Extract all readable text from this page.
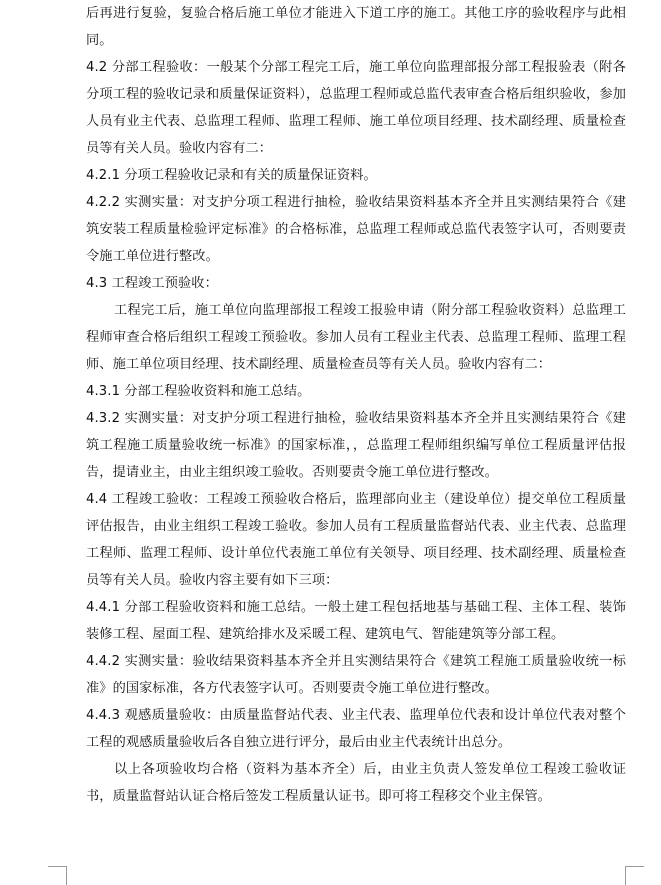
后再进行复验，复验合格后施工单位才能进入下道工序的施工。其他工序的验收程序与此相同。

4.2 分部工程验收：一般某个分部工程完工后，施工单位向监理部报分部工程报验表（附各分项工程的验收记录和质量保证资料），总监理工程师或总监代表审查合格后组织验收，参加人员有业主代表、总监理工程师、监理工程师、施工单位项目经理、技术副经理、质量检查员等有关人员。验收内容有二：

4.2.1 分项工程验收记录和有关的质量保证资料。

4.2.2 实测实量：对支护分项工程进行抽检，验收结果资料基本齐全并且实测结果符合《建筑安装工程质量检验评定标准》的合格标准，总监理工程师或总监代表签字认可，否则要责令施工单位进行整改。

4.3 工程竣工预验收：

工程完工后，施工单位向监理部报工程竣工报验申请（附分部工程验收资料）总监理工程师审查合格后组织工程竣工预验收。参加人员有工程业主代表、总监理工程师、监理工程师、施工单位项目经理、技术副经理、质量检查员等有关人员。验收内容有二：

4.3.1 分部工程验收资料和施工总结。

4.3.2 实测实量：对支护分项工程进行抽检，验收结果资料基本齐全并且实测结果符合《建筑工程施工质量验收统一标准》的国家标准，，总监理工程师组织编写单位工程质量评估报告，提请业主，由业主组织竣工验收。否则要责令施工单位进行整改。

4.4 工程竣工验收：工程竣工预验收合格后，监理部向业主（建设单位）提交单位工程质量评估报告，由业主组织工程竣工验收。参加人员有工程质量监督站代表、业主代表、总监理工程师、监理工程师、设计单位代表施工单位有关领导、项目经理、技术副经理、质量检查员等有关人员。验收内容主要有如下三项：

4.4.1 分部工程验收资料和施工总结。一般土建工程包括地基与基础工程、主体工程、装饰装修工程、屋面工程、建筑给排水及采暖工程、建筑电气、智能建筑等分部工程。

4.4.2 实测实量：验收结果资料基本齐全并且实测结果符合《建筑工程施工质量验收统一标准》的国家标准，各方代表签字认可。否则要责令施工单位进行整改。

4.4.3 观感质量验收：由质量监督站代表、业主代表、监理单位代表和设计单位代表对整个工程的观感质量验收后各自独立进行评分，最后由业主代表统计出总分。

以上各项验收均合格（资料为基本齐全）后，由业主负责人签发单位工程竣工验收证书，质量监督站认证合格后签发工程质量认证书。即可将工程移交个业主保管。
